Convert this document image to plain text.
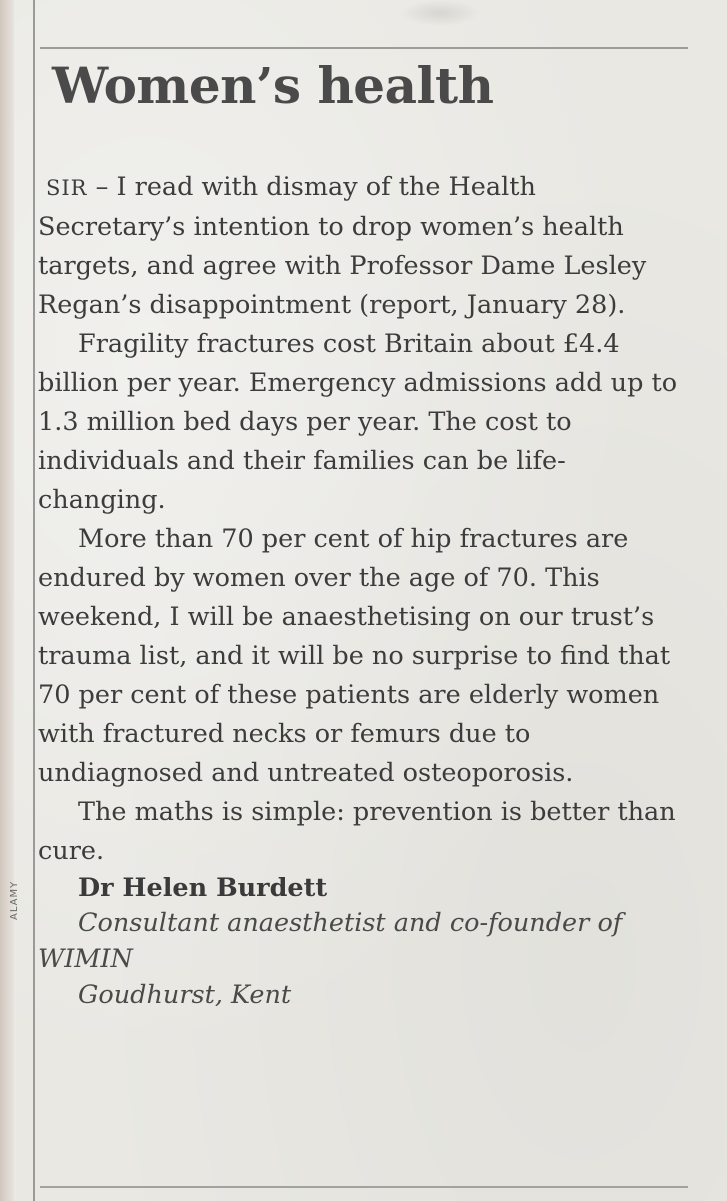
Women’s health

SIR – I read with dismay of the Health Secretary’s intention to drop women’s health targets, and agree with Professor Dame Lesley Regan’s disappointment (report, January 28).

Fragility fractures cost Britain about £4.4 billion per year. Emergency admissions add up to 1.3 million bed days per year. The cost to individuals and their families can be life-changing.

More than 70 per cent of hip fractures are endured by women over the age of 70. This weekend, I will be anaesthetising on our trust’s trauma list, and it will be no surprise to find that 70 per cent of these patients are elderly women with fractured necks or femurs due to undiagnosed and untreated osteoporosis.

The maths is simple: prevention is better than cure.

Dr Helen Burdett

Consultant anaesthetist and co-founder of WIMIN

Goudhurst, Kent

ALAMY
